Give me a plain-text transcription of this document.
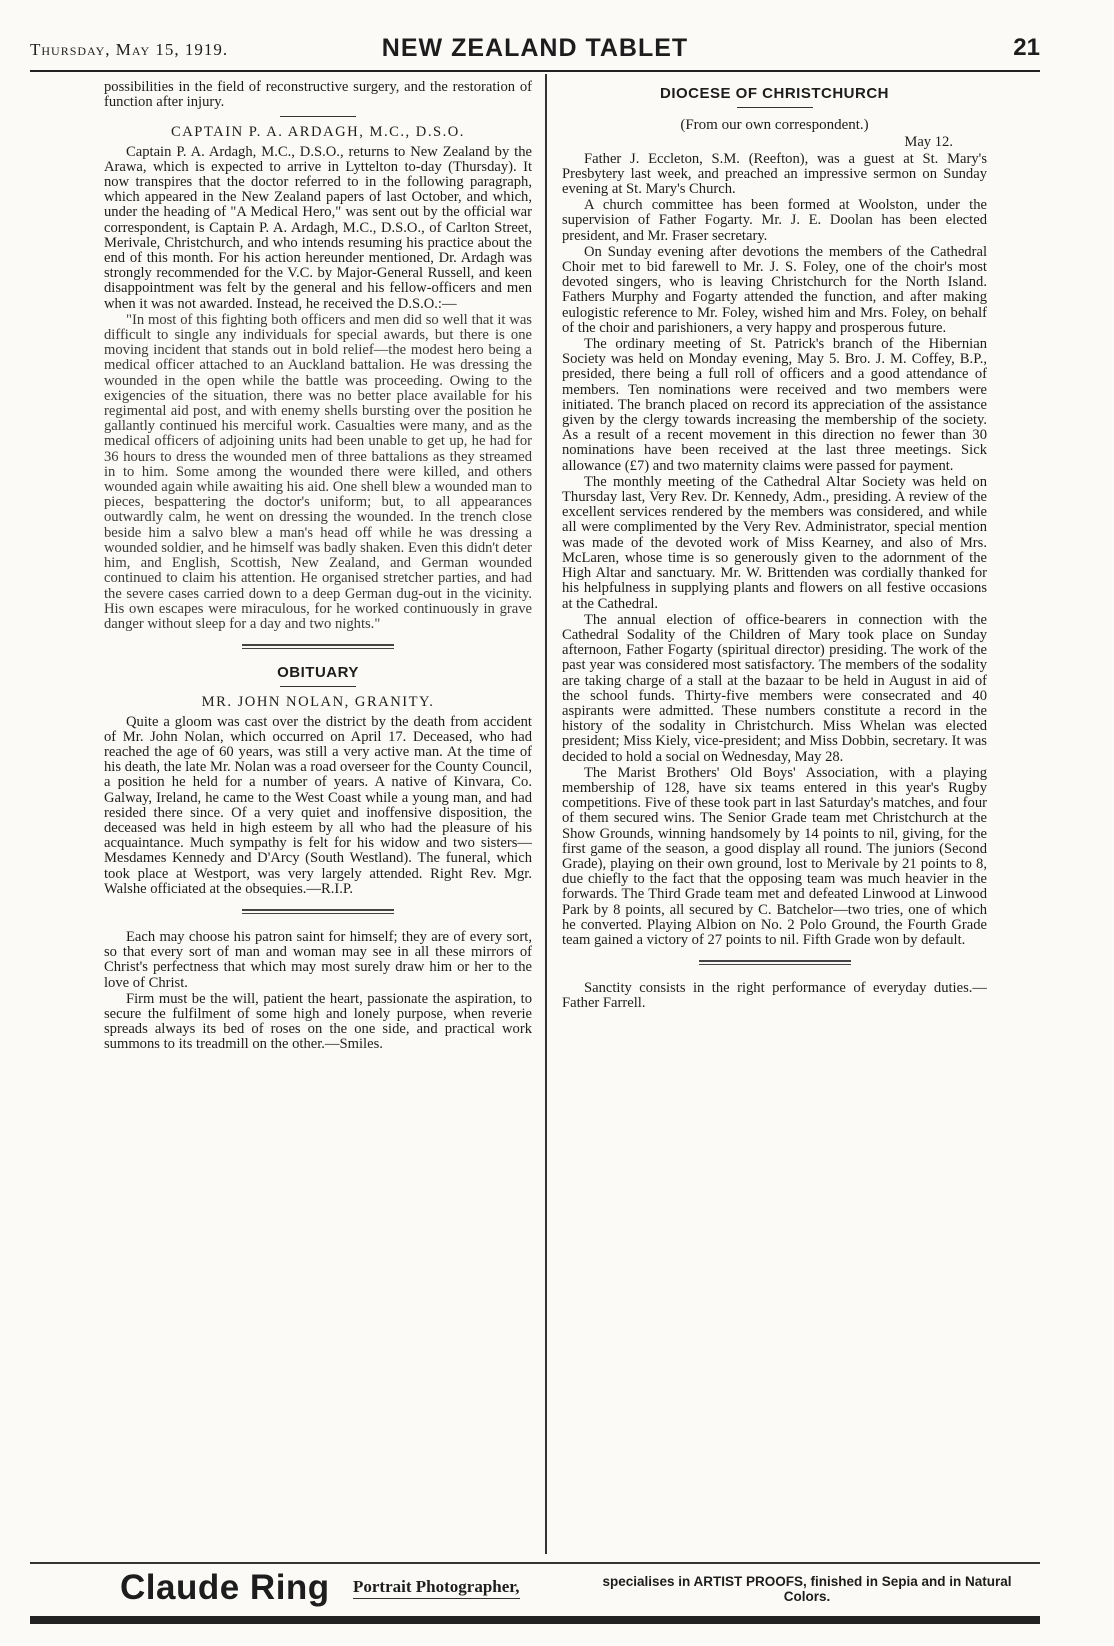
Thursday, May 15, 1919.	NEW ZEALAND TABLET	21

possibilities in the field of reconstructive surgery, and the restoration of function after injury.

CAPTAIN P. A. ARDAGH, M.C., D.S.O.

Captain P. A. Ardagh, M.C., D.S.O., returns to New Zealand by the Arawa, which is expected to arrive in Lyttelton to-day (Thursday). It now transpires that the doctor referred to in the following paragraph, which appeared in the New Zealand papers of last October, and which, under the heading of "A Medical Hero," was sent out by the official war correspondent, is Captain P. A. Ardagh, M.C., D.S.O., of Carlton Street, Merivale, Christchurch, and who intends resuming his practice about the end of this month. For his action hereunder mentioned, Dr. Ardagh was strongly recommended for the V.C. by Major-General Russell, and keen disappointment was felt by the general and his fellow-officers and men when it was not awarded. Instead, he received the D.S.O.:—

"In most of this fighting both officers and men did so well that it was difficult to single any individuals for special awards, but there is one moving incident that stands out in bold relief—the modest hero being a medical officer attached to an Auckland battalion. He was dressing the wounded in the open while the battle was proceeding. Owing to the exigencies of the situation, there was no better place available for his regimental aid post, and with enemy shells bursting over the position he gallantly continued his merciful work. Casualties were many, and as the medical officers of adjoining units had been unable to get up, he had for 36 hours to dress the wounded men of three battalions as they streamed in to him. Some among the wounded there were killed, and others wounded again while awaiting his aid. One shell blew a wounded man to pieces, bespattering the doctor's uniform; but, to all appearances outwardly calm, he went on dressing the wounded. In the trench close beside him a salvo blew a man's head off while he was dressing a wounded soldier, and he himself was badly shaken. Even this didn't deter him, and English, Scottish, New Zealand, and German wounded continued to claim his attention. He organised stretcher parties, and had the severe cases carried down to a deep German dug-out in the vicinity. His own escapes were miraculous, for he worked continuously in grave danger without sleep for a day and two nights."

OBITUARY
MR. JOHN NOLAN, GRANITY.

Quite a gloom was cast over the district by the death from accident of Mr. John Nolan, which occurred on April 17. Deceased, who had reached the age of 60 years, was still a very active man. At the time of his death, the late Mr. Nolan was a road overseer for the County Council, a position he held for a number of years. A native of Kinvara, Co. Galway, Ireland, he came to the West Coast while a young man, and had resided there since. Of a very quiet and inoffensive disposition, the deceased was held in high esteem by all who had the pleasure of his acquaintance. Much sympathy is felt for his widow and two sisters—Mesdames Kennedy and D'Arcy (South Westland). The funeral, which took place at Westport, was very largely attended. Right Rev. Mgr. Walshe officiated at the obsequies.—R.I.P.

Each may choose his patron saint for himself; they are of every sort, so that every sort of man and woman may see in all these mirrors of Christ's perfectness that which may most surely draw him or her to the love of Christ.

Firm must be the will, patient the heart, passionate the aspiration, to secure the fulfilment of some high and lonely purpose, when reverie spreads always its bed of roses on the one side, and practical work summons to its treadmill on the other.—Smiles.

DIOCESE OF CHRISTCHURCH

(From our own correspondent.)

May 12.

Father J. Eccleton, S.M. (Reefton), was a guest at St. Mary's Presbytery last week, and preached an impressive sermon on Sunday evening at St. Mary's Church.

A church committee has been formed at Woolston, under the supervision of Father Fogarty. Mr. J. E. Doolan has been elected president, and Mr. Fraser secretary.

On Sunday evening after devotions the members of the Cathedral Choir met to bid farewell to Mr. J. S. Foley, one of the choir's most devoted singers, who is leaving Christchurch for the North Island. Fathers Murphy and Fogarty attended the function, and after making eulogistic reference to Mr. Foley, wished him and Mrs. Foley, on behalf of the choir and parishioners, a very happy and prosperous future.

The ordinary meeting of St. Patrick's branch of the Hibernian Society was held on Monday evening, May 5. Bro. J. M. Coffey, B.P., presided, there being a full roll of officers and a good attendance of members. Ten nominations were received and two members were initiated. The branch placed on record its appreciation of the assistance given by the clergy towards increasing the membership of the society. As a result of a recent movement in this direction no fewer than 30 nominations have been received at the last three meetings. Sick allowance (£7) and two maternity claims were passed for payment.

The monthly meeting of the Cathedral Altar Society was held on Thursday last, Very Rev. Dr. Kennedy, Adm., presiding. A review of the excellent services rendered by the members was considered, and while all were complimented by the Very Rev. Administrator, special mention was made of the devoted work of Miss Kearney, and also of Mrs. McLaren, whose time is so generously given to the adornment of the High Altar and sanctuary. Mr. W. Brittenden was cordially thanked for his helpfulness in supplying plants and flowers on all festive occasions at the Cathedral.

The annual election of office-bearers in connection with the Cathedral Sodality of the Children of Mary took place on Sunday afternoon, Father Fogarty (spiritual director) presiding. The work of the past year was considered most satisfactory. The members of the sodality are taking charge of a stall at the bazaar to be held in August in aid of the school funds. Thirty-five members were consecrated and 40 aspirants were admitted. These numbers constitute a record in the history of the sodality in Christchurch. Miss Whelan was elected president; Miss Kiely, vice-president; and Miss Dobbin, secretary. It was decided to hold a social on Wednesday, May 28.

The Marist Brothers' Old Boys' Association, with a playing membership of 128, have six teams entered in this year's Rugby competitions. Five of these took part in last Saturday's matches, and four of them secured wins. The Senior Grade team met Christchurch at the Show Grounds, winning handsomely by 14 points to nil, giving, for the first game of the season, a good display all round. The juniors (Second Grade), playing on their own ground, lost to Merivale by 21 points to 8, due chiefly to the fact that the opposing team was much heavier in the forwards. The Third Grade team met and defeated Linwood at Linwood Park by 8 points, all secured by C. Batchelor—two tries, one of which he converted. Playing Albion on No. 2 Polo Ground, the Fourth Grade team gained a victory of 27 points to nil. Fifth Grade won by default.

Sanctity consists in the right performance of everyday duties.—Father Farrell.

Claude Ring Portrait Photographer,	specialises in ARTIST PROOFS, finished in Sepia and in Natural Colors.
